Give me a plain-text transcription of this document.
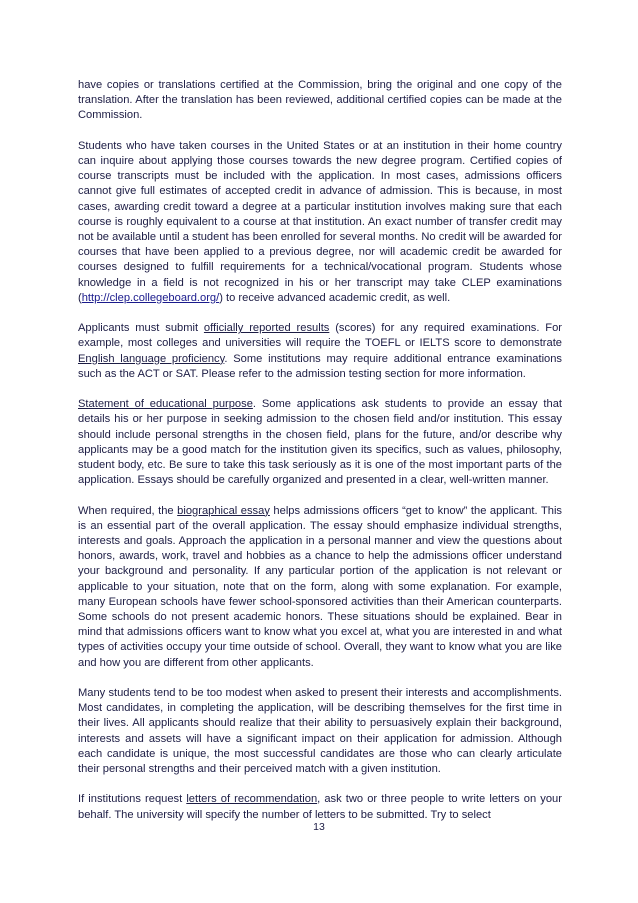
have copies or translations certified at the Commission, bring the original and one copy of the translation. After the translation has been reviewed, additional certified copies can be made at the Commission.

Students who have taken courses in the United States or at an institution in their home country can inquire about applying those courses towards the new degree program. Certified copies of course transcripts must be included with the application. In most cases, admissions officers cannot give full estimates of accepted credit in advance of admission. This is because, in most cases, awarding credit toward a degree at a particular institution involves making sure that each course is roughly equivalent to a course at that institution. An exact number of transfer credit may not be available until a student has been enrolled for several months. No credit will be awarded for courses that have been applied to a previous degree, nor will academic credit be awarded for courses designed to fulfill requirements for a technical/vocational program. Students whose knowledge in a field is not recognized in his or her transcript may take CLEP examinations (http://clep.collegeboard.org/) to receive advanced academic credit, as well.

Applicants must submit officially reported results (scores) for any required examinations. For example, most colleges and universities will require the TOEFL or IELTS score to demonstrate English language proficiency. Some institutions may require additional entrance examinations such as the ACT or SAT. Please refer to the admission testing section for more information.

Statement of educational purpose. Some applications ask students to provide an essay that details his or her purpose in seeking admission to the chosen field and/or institution. This essay should include personal strengths in the chosen field, plans for the future, and/or describe why applicants may be a good match for the institution given its specifics, such as values, philosophy, student body, etc. Be sure to take this task seriously as it is one of the most important parts of the application. Essays should be carefully organized and presented in a clear, well-written manner.

When required, the biographical essay helps admissions officers “get to know” the applicant. This is an essential part of the overall application. The essay should emphasize individual strengths, interests and goals. Approach the application in a personal manner and view the questions about honors, awards, work, travel and hobbies as a chance to help the admissions officer understand your background and personality. If any particular portion of the application is not relevant or applicable to your situation, note that on the form, along with some explanation. For example, many European schools have fewer school-sponsored activities than their American counterparts. Some schools do not present academic honors. These situations should be explained. Bear in mind that admissions officers want to know what you excel at, what you are interested in and what types of activities occupy your time outside of school. Overall, they want to know what you are like and how you are different from other applicants.

Many students tend to be too modest when asked to present their interests and accomplishments. Most candidates, in completing the application, will be describing themselves for the first time in their lives. All applicants should realize that their ability to persuasively explain their background, interests and assets will have a significant impact on their application for admission. Although each candidate is unique, the most successful candidates are those who can clearly articulate their personal strengths and their perceived match with a given institution.

If institutions request letters of recommendation, ask two or three people to write letters on your behalf. The university will specify the number of letters to be submitted. Try to select

13
